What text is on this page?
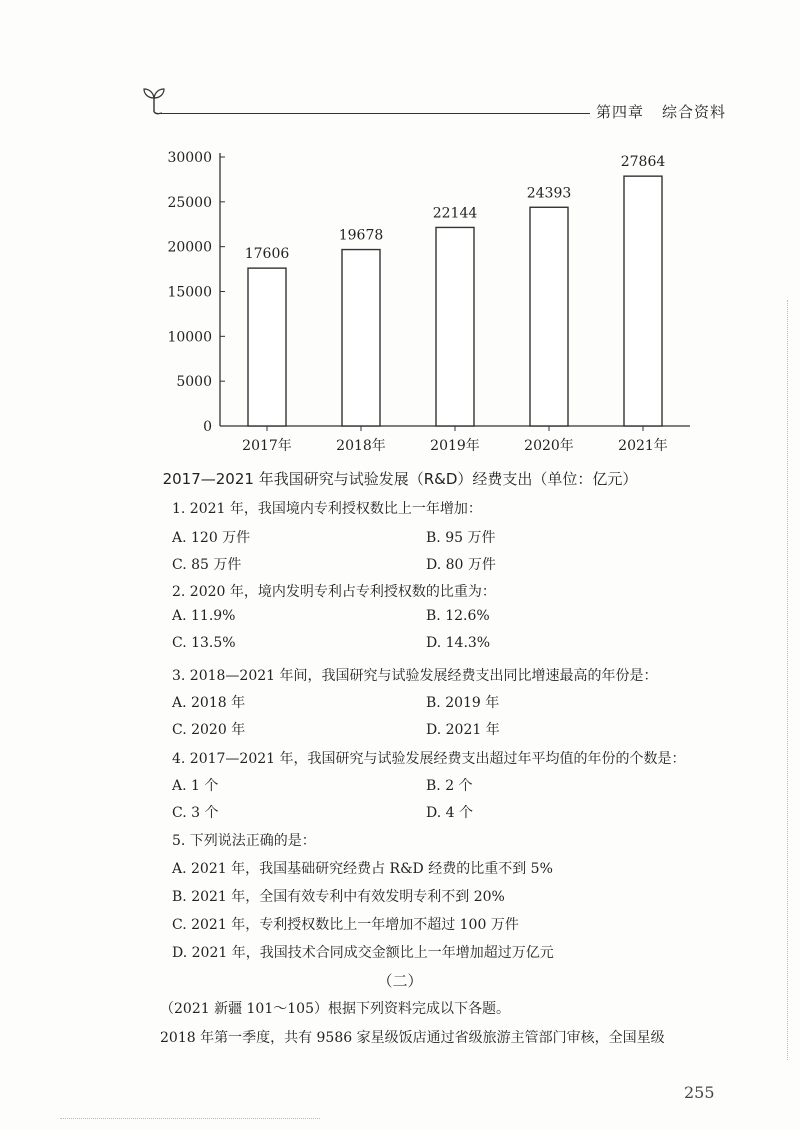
第四章 综合资料
0
5000
10000
15000
20000
25000
30000
17606
2017年
19678
2018年
22144
2019年
24393
2020年
27864
2021年
2017—2021 年我国研究与试验发展（R&D）经费支出（单位：亿元）
1. 2021 年，我国境内专利授权数比上一年增加：
A. 120 万件	B. 95 万件
C. 85 万件	D. 80 万件
2. 2020 年，境内发明专利占专利授权数的比重为：
A. 11.9%	B. 12.6%
C. 13.5%	D. 14.3%
3. 2018—2021 年间，我国研究与试验发展经费支出同比增速最高的年份是：
A. 2018 年	B. 2019 年
C. 2020 年	D. 2021 年
4. 2017—2021 年，我国研究与试验发展经费支出超过年平均值的年份的个数是：
A. 1 个	B. 2 个
C. 3 个	D. 4 个
5. 下列说法正确的是：
A. 2021 年，我国基础研究经费占 R&D 经费的比重不到 5%
B. 2021 年，全国有效专利中有效发明专利不到 20%
C. 2021 年，专利授权数比上一年增加不超过 100 万件
D. 2021 年，我国技术合同成交金额比上一年增加超过万亿元
（二）
（2021 新疆 101～105）根据下列资料完成以下各题。
2018 年第一季度，共有 9586 家星级饭店通过省级旅游主管部门审核，全国星级
255
